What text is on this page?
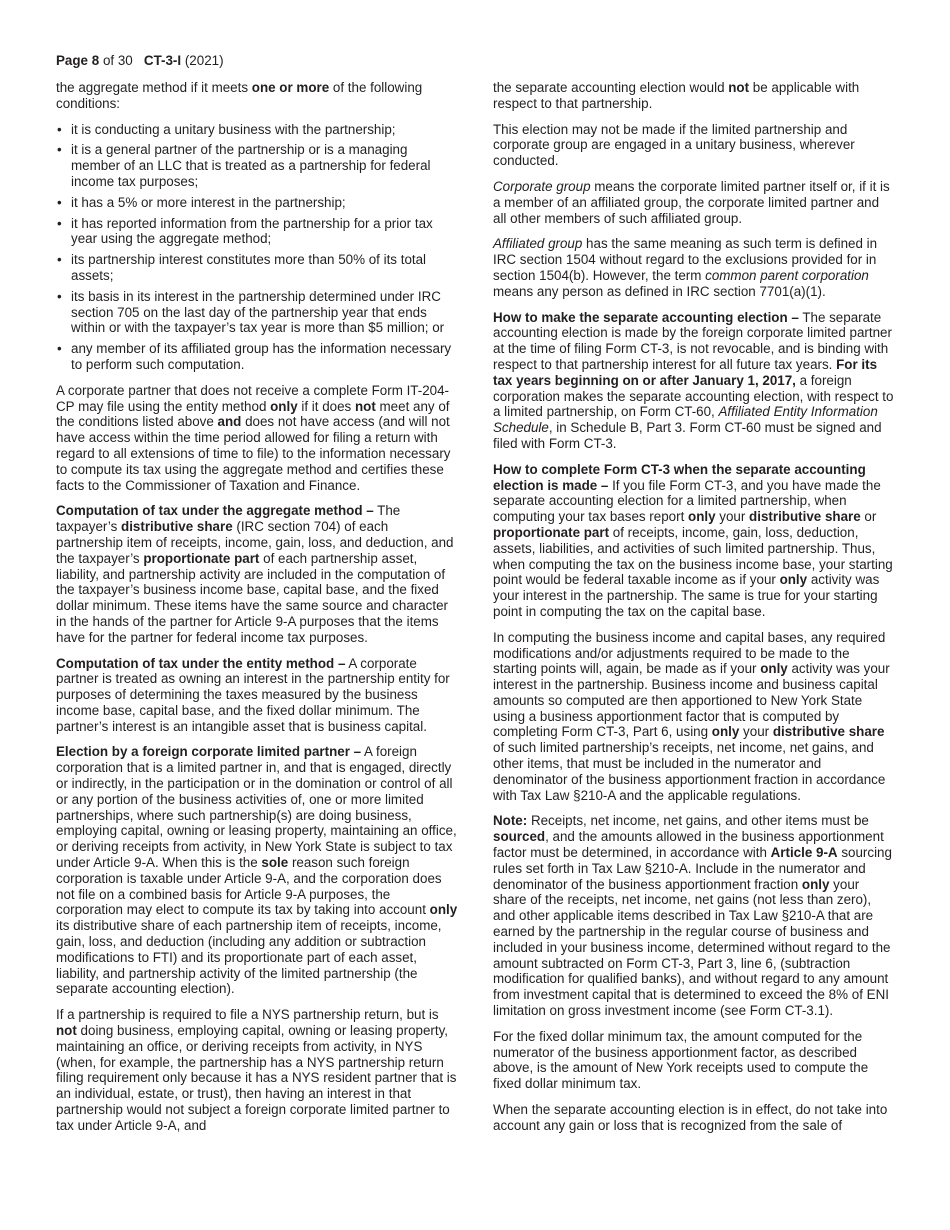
Page 8 of 30 CT-3-I (2021)

the aggregate method if it meets one or more of the following conditions:

• it is conducting a unitary business with the partnership;
• it is a general partner of the partnership or is a managing member of an LLC that is treated as a partnership for federal income tax purposes;
• it has a 5% or more interest in the partnership;
• it has reported information from the partnership for a prior tax year using the aggregate method;
• its partnership interest constitutes more than 50% of its total assets;
• its basis in its interest in the partnership determined under IRC section 705 on the last day of the partnership year that ends within or with the taxpayer’s tax year is more than $5 million; or
• any member of its affiliated group has the information necessary to perform such computation.

A corporate partner that does not receive a complete Form IT-204-CP may file using the entity method only if it does not meet any of the conditions listed above and does not have access (and will not have access within the time period allowed for filing a return with regard to all extensions of time to file) to the information necessary to compute its tax using the aggregate method and certifies these facts to the Commissioner of Taxation and Finance.

Computation of tax under the aggregate method – The taxpayer’s distributive share (IRC section 704) of each partnership item of receipts, income, gain, loss, and deduction, and the taxpayer’s proportionate part of each partnership asset, liability, and partnership activity are included in the computation of the taxpayer’s business income base, capital base, and the fixed dollar minimum. These items have the same source and character in the hands of the partner for Article 9-A purposes that the items have for the partner for federal income tax purposes.

Computation of tax under the entity method – A corporate partner is treated as owning an interest in the partnership entity for purposes of determining the taxes measured by the business income base, capital base, and the fixed dollar minimum. The partner’s interest is an intangible asset that is business capital.

Election by a foreign corporate limited partner – A foreign corporation that is a limited partner in, and that is engaged, directly or indirectly, in the participation or in the domination or control of all or any portion of the business activities of, one or more limited partnerships, where such partnership(s) are doing business, employing capital, owning or leasing property, maintaining an office, or deriving receipts from activity, in New York State is subject to tax under Article 9-A. When this is the sole reason such foreign corporation is taxable under Article 9-A, and the corporation does not file on a combined basis for Article 9-A purposes, the corporation may elect to compute its tax by taking into account only its distributive share of each partnership item of receipts, income, gain, loss, and deduction (including any addition or subtraction modifications to FTI) and its proportionate part of each asset, liability, and partnership activity of the limited partnership (the separate accounting election).

If a partnership is required to file a NYS partnership return, but is not doing business, employing capital, owning or leasing property, maintaining an office, or deriving receipts from activity, in NYS (when, for example, the partnership has a NYS partnership return filing requirement only because it has a NYS resident partner that is an individual, estate, or trust), then having an interest in that partnership would not subject a foreign corporate limited partner to tax under Article 9-A, and

the separate accounting election would not be applicable with respect to that partnership.

This election may not be made if the limited partnership and corporate group are engaged in a unitary business, wherever conducted.

Corporate group means the corporate limited partner itself or, if it is a member of an affiliated group, the corporate limited partner and all other members of such affiliated group.

Affiliated group has the same meaning as such term is defined in IRC section 1504 without regard to the exclusions provided for in section 1504(b). However, the term common parent corporation means any person as defined in IRC section 7701(a)(1).

How to make the separate accounting election – The separate accounting election is made by the foreign corporate limited partner at the time of filing Form CT-3, is not revocable, and is binding with respect to that partnership interest for all future tax years. For its tax years beginning on or after January 1, 2017, a foreign corporation makes the separate accounting election, with respect to a limited partnership, on Form CT-60, Affiliated Entity Information Schedule, in Schedule B, Part 3. Form CT-60 must be signed and filed with Form CT-3.

How to complete Form CT-3 when the separate accounting election is made – If you file Form CT-3, and you have made the separate accounting election for a limited partnership, when computing your tax bases report only your distributive share or proportionate part of receipts, income, gain, loss, deduction, assets, liabilities, and activities of such limited partnership. Thus, when computing the tax on the business income base, your starting point would be federal taxable income as if your only activity was your interest in the partnership. The same is true for your starting point in computing the tax on the capital base.

In computing the business income and capital bases, any required modifications and/or adjustments required to be made to the starting points will, again, be made as if your only activity was your interest in the partnership. Business income and business capital amounts so computed are then apportioned to New York State using a business apportionment factor that is computed by completing Form CT-3, Part 6, using only your distributive share of such limited partnership’s receipts, net income, net gains, and other items, that must be included in the numerator and denominator of the business apportionment fraction in accordance with Tax Law §210-A and the applicable regulations.

Note: Receipts, net income, net gains, and other items must be sourced, and the amounts allowed in the business apportionment factor must be determined, in accordance with Article 9-A sourcing rules set forth in Tax Law §210-A. Include in the numerator and denominator of the business apportionment fraction only your share of the receipts, net income, net gains (not less than zero), and other applicable items described in Tax Law §210-A that are earned by the partnership in the regular course of business and included in your business income, determined without regard to the amount subtracted on Form CT-3, Part 3, line 6, (subtraction modification for qualified banks), and without regard to any amount from investment capital that is determined to exceed the 8% of ENI limitation on gross investment income (see Form CT-3.1).

For the fixed dollar minimum tax, the amount computed for the numerator of the business apportionment factor, as described above, is the amount of New York receipts used to compute the fixed dollar minimum tax.

When the separate accounting election is in effect, do not take into account any gain or loss that is recognized from the sale of
